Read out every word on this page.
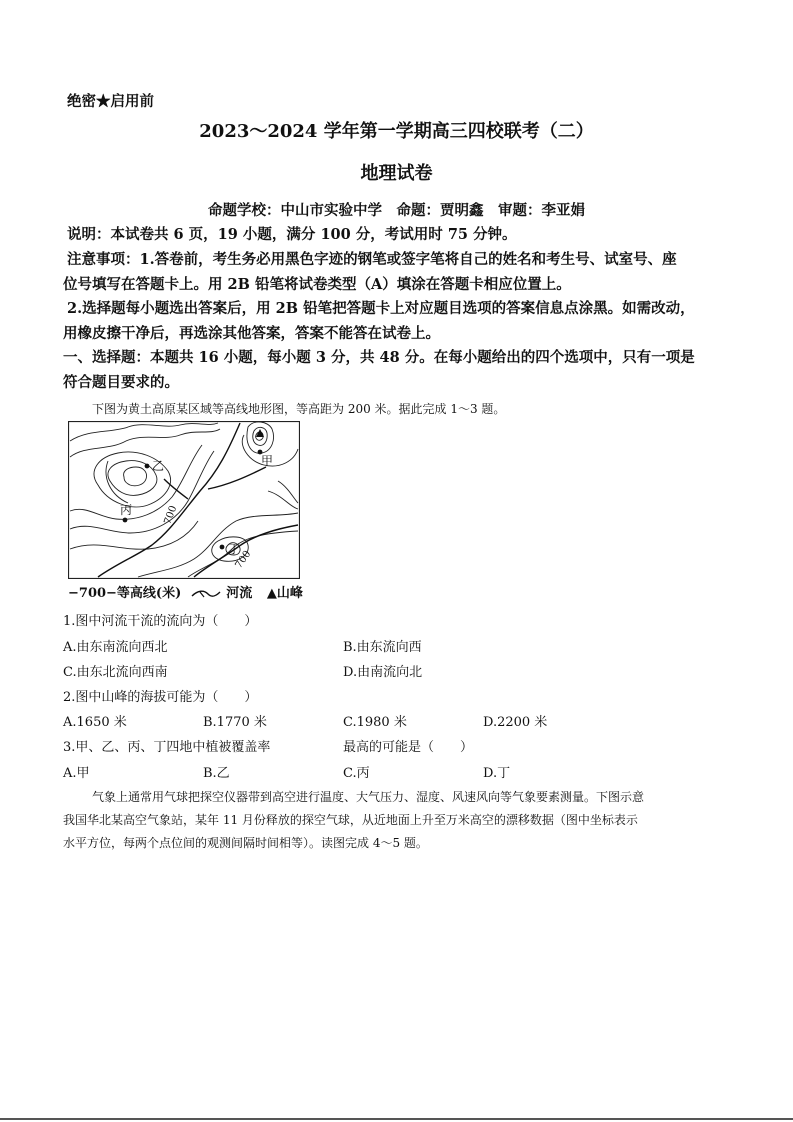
绝密★启用前
2023～2024 学年第一学期高三四校联考（二）
地理试卷
命题学校：中山市实验中学　命题：贾明鑫　审题：李亚娟
说明：本试卷共 6 页，19 小题，满分 100 分，考试用时 75 分钟。
注意事项：1.答卷前，考生务必用黑色字迹的钢笔或签字笔将自己的姓名和考生号、试室号、座
位号填写在答题卡上。用 2B 铅笔将试卷类型（A）填涂在答题卡相应位置上。
2.选择题每小题选出答案后，用 2B 铅笔把答题卡上对应题目选项的答案信息点涂黑。如需改动，
用橡皮擦干净后，再选涂其他答案，答案不能答在试卷上。
一、选择题：本题共 16 小题，每小题 3 分，共 48 分。在每小题给出的四个选项中，只有一项是
符合题目要求的。
下图为黄土高原某区域等高线地形图，等高距为 200 米。据此完成 1～3 题。
乙	甲
丙
丁
700
700
−700−等高线(米)	河流 ▲山峰
1.图中河流干流的流向为（　　）
A.由东南流向西北	B.由东流向西
C.由东北流向西南	D.由南流向北
2.图中山峰的海拔可能为（　　）
A.1650 米	B.1770 米	C.1980 米	D.2200 米
3.甲、乙、丙、丁四地中植被覆盖率	最高的可能是（　　）
A.甲	B.乙	C.丙	D.丁
气象上通常用气球把探空仪器带到高空进行温度、大气压力、湿度、风速风向等气象要素测量。下图示意
我国华北某高空气象站，某年 11 月份释放的探空气球，从近地面上升至万米高空的漂移数据（图中坐标表示
水平方位，每两个点位间的观测间隔时间相等）。读图完成 4～5 题。
